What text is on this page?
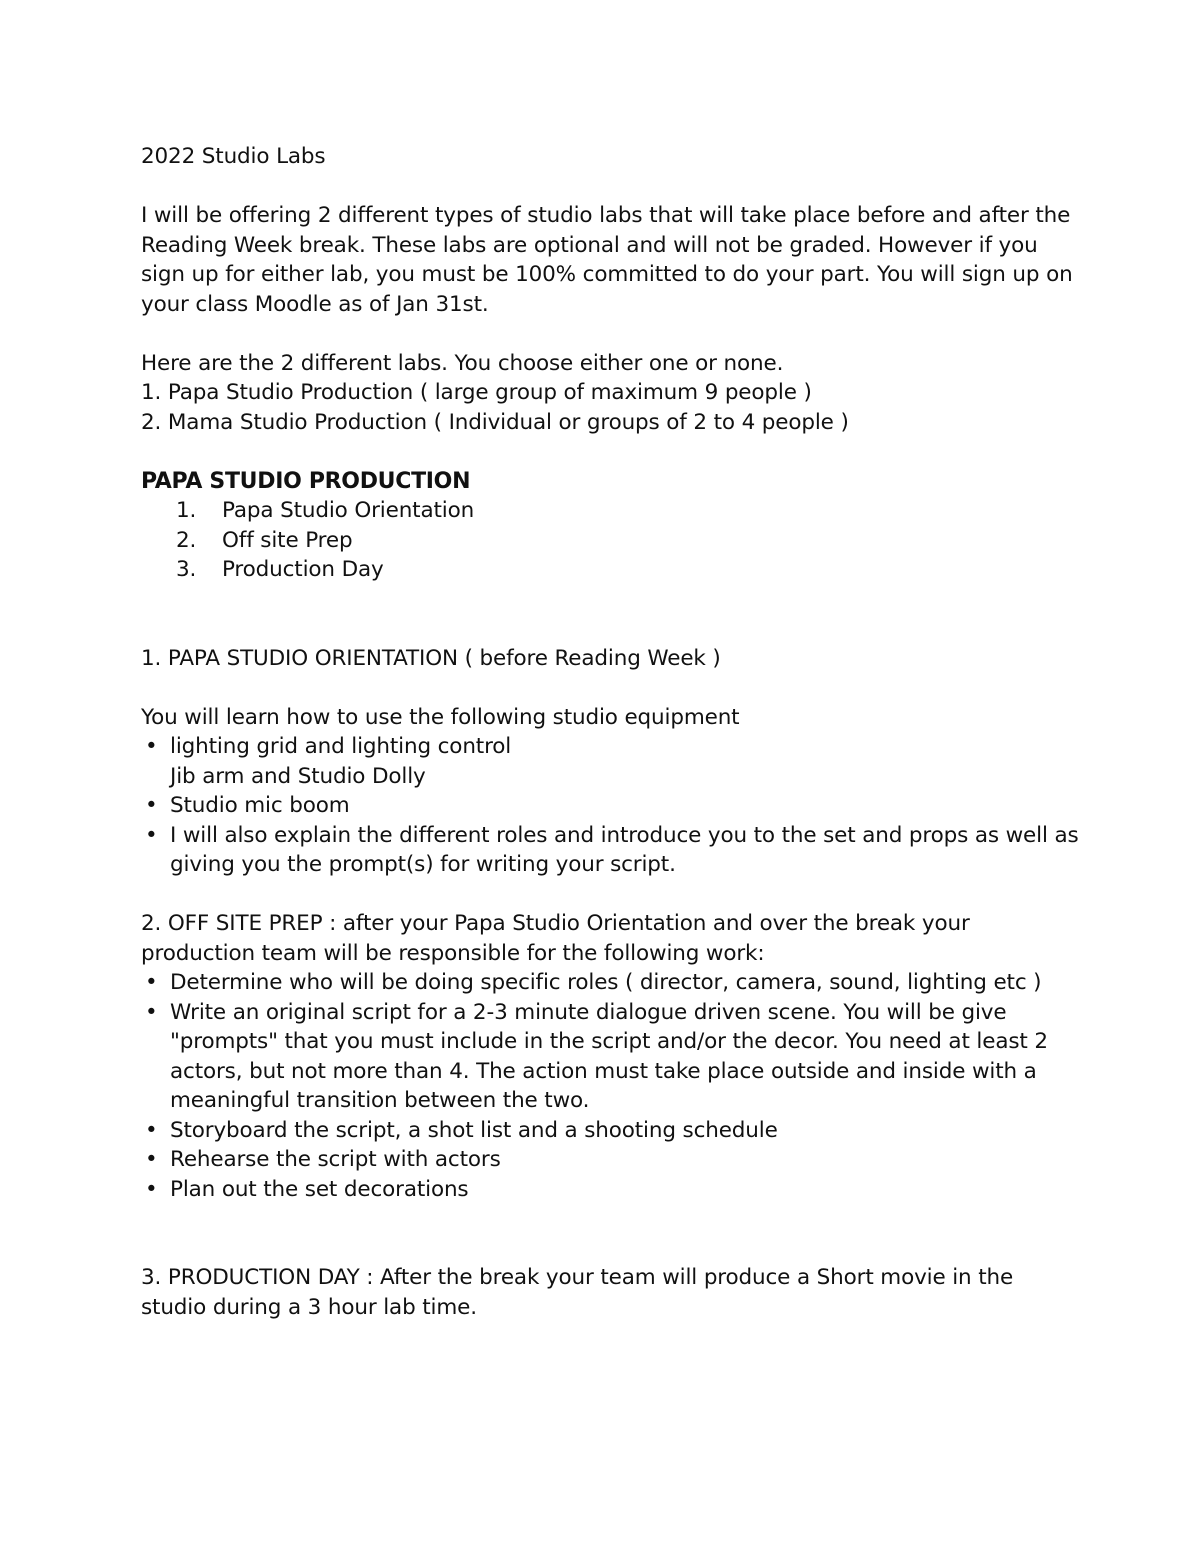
2022 Studio Labs

I will be offering 2 different types of studio labs that will take place before and after the Reading Week break. These labs are optional and will not be graded. However if you sign up for either lab, you must be 100% committed to do your part. You will sign up on your class Moodle as of Jan 31st.

Here are the 2 different labs. You choose either one or none.

1. Papa Studio Production ( large group of maximum 9 people )
2. Mama Studio Production ( Individual or groups of 2 to 4 people )

PAPA STUDIO PRODUCTION

1. Papa Studio Orientation
2. Off site Prep
3. Production Day

1. PAPA STUDIO ORIENTATION ( before Reading Week )

You will learn how to use the following studio equipment

• lighting grid and lighting control
Jib arm and Studio Dolly
• Studio mic boom
• I will also explain the different roles and introduce you to the set and props as well as giving you the prompt(s) for writing your script.

2. OFF SITE PREP : after your Papa Studio Orientation and over the break your production team will be responsible for the following work:

• Determine who will be doing specific roles ( director, camera, sound, lighting etc )
• Write an original script for a 2-3 minute dialogue driven scene. You will be give "prompts" that you must include in the script and/or the decor. You need at least 2 actors, but not more than 4. The action must take place outside and inside with a meaningful transition between the two.
• Storyboard the script, a shot list and a shooting schedule
• Rehearse the script with actors
• Plan out the set decorations

3. PRODUCTION DAY : After the break your team will produce a Short movie in the studio during a 3 hour lab time.
